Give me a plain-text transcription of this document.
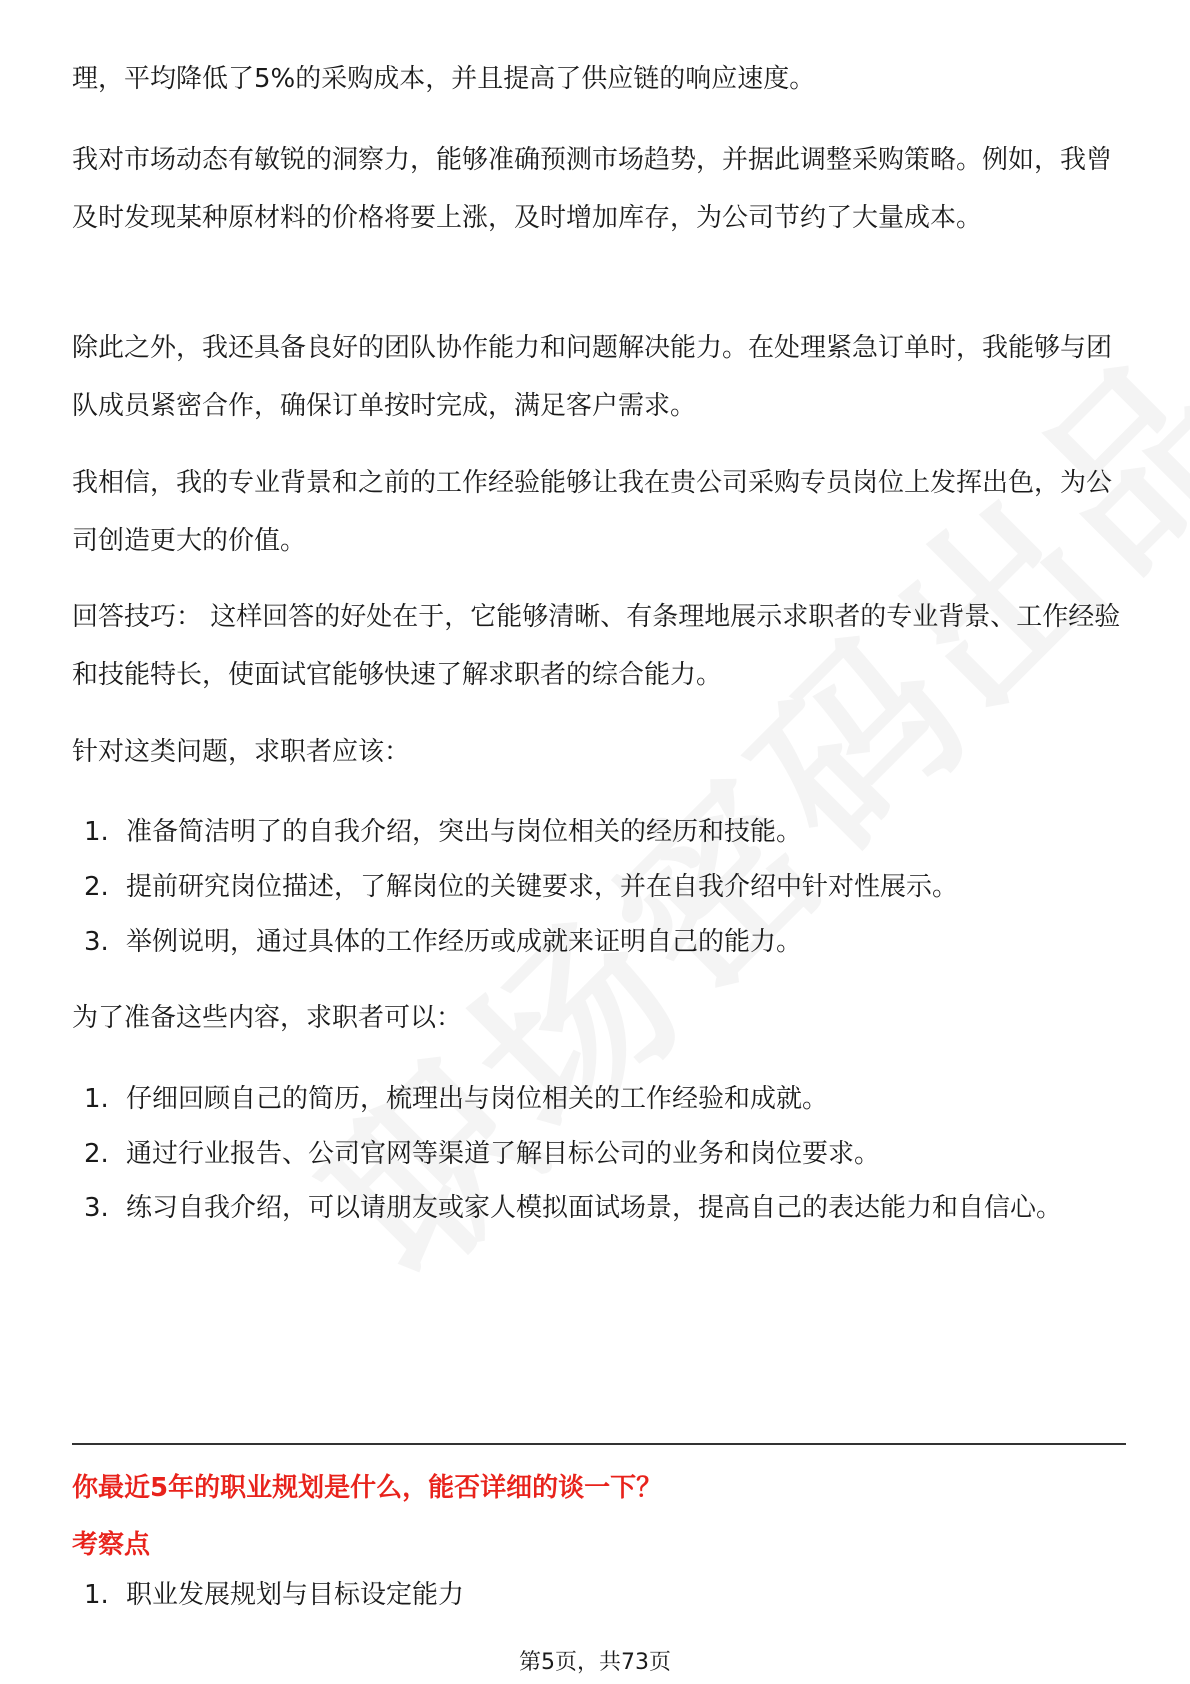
理，平均降低了5%的采购成本，并且提高了供应链的响应速度。

我对市场动态有敏锐的洞察力，能够准确预测市场趋势，并据此调整采购策略。例如，我曾及时发现某种原材料的价格将要上涨，及时增加库存，为公司节约了大量成本。

除此之外，我还具备良好的团队协作能力和问题解决能力。在处理紧急订单时，我能够与团队成员紧密合作，确保订单按时完成，满足客户需求。

我相信，我的专业背景和之前的工作经验能够让我在贵公司采购专员岗位上发挥出色，为公司创造更大的价值。

回答技巧： 这样回答的好处在于，它能够清晰、有条理地展示求职者的专业背景、工作经验和技能特长，使面试官能够快速了解求职者的综合能力。

针对这类问题，求职者应该：

1. 准备简洁明了的自我介绍，突出与岗位相关的经历和技能。
2. 提前研究岗位描述，了解岗位的关键要求，并在自我介绍中针对性展示。
3. 举例说明，通过具体的工作经历或成就来证明自己的能力。

为了准备这些内容，求职者可以：

1. 仔细回顾自己的简历，梳理出与岗位相关的工作经验和成就。
2. 通过行业报告、公司官网等渠道了解目标公司的业务和岗位要求。
3. 练习自我介绍，可以请朋友或家人模拟面试场景，提高自己的表达能力和自信心。
你最近5年的职业规划是什么，能否详细的谈一下？
考察点
1. 职业发展规划与目标设定能力
第5页，共73页
